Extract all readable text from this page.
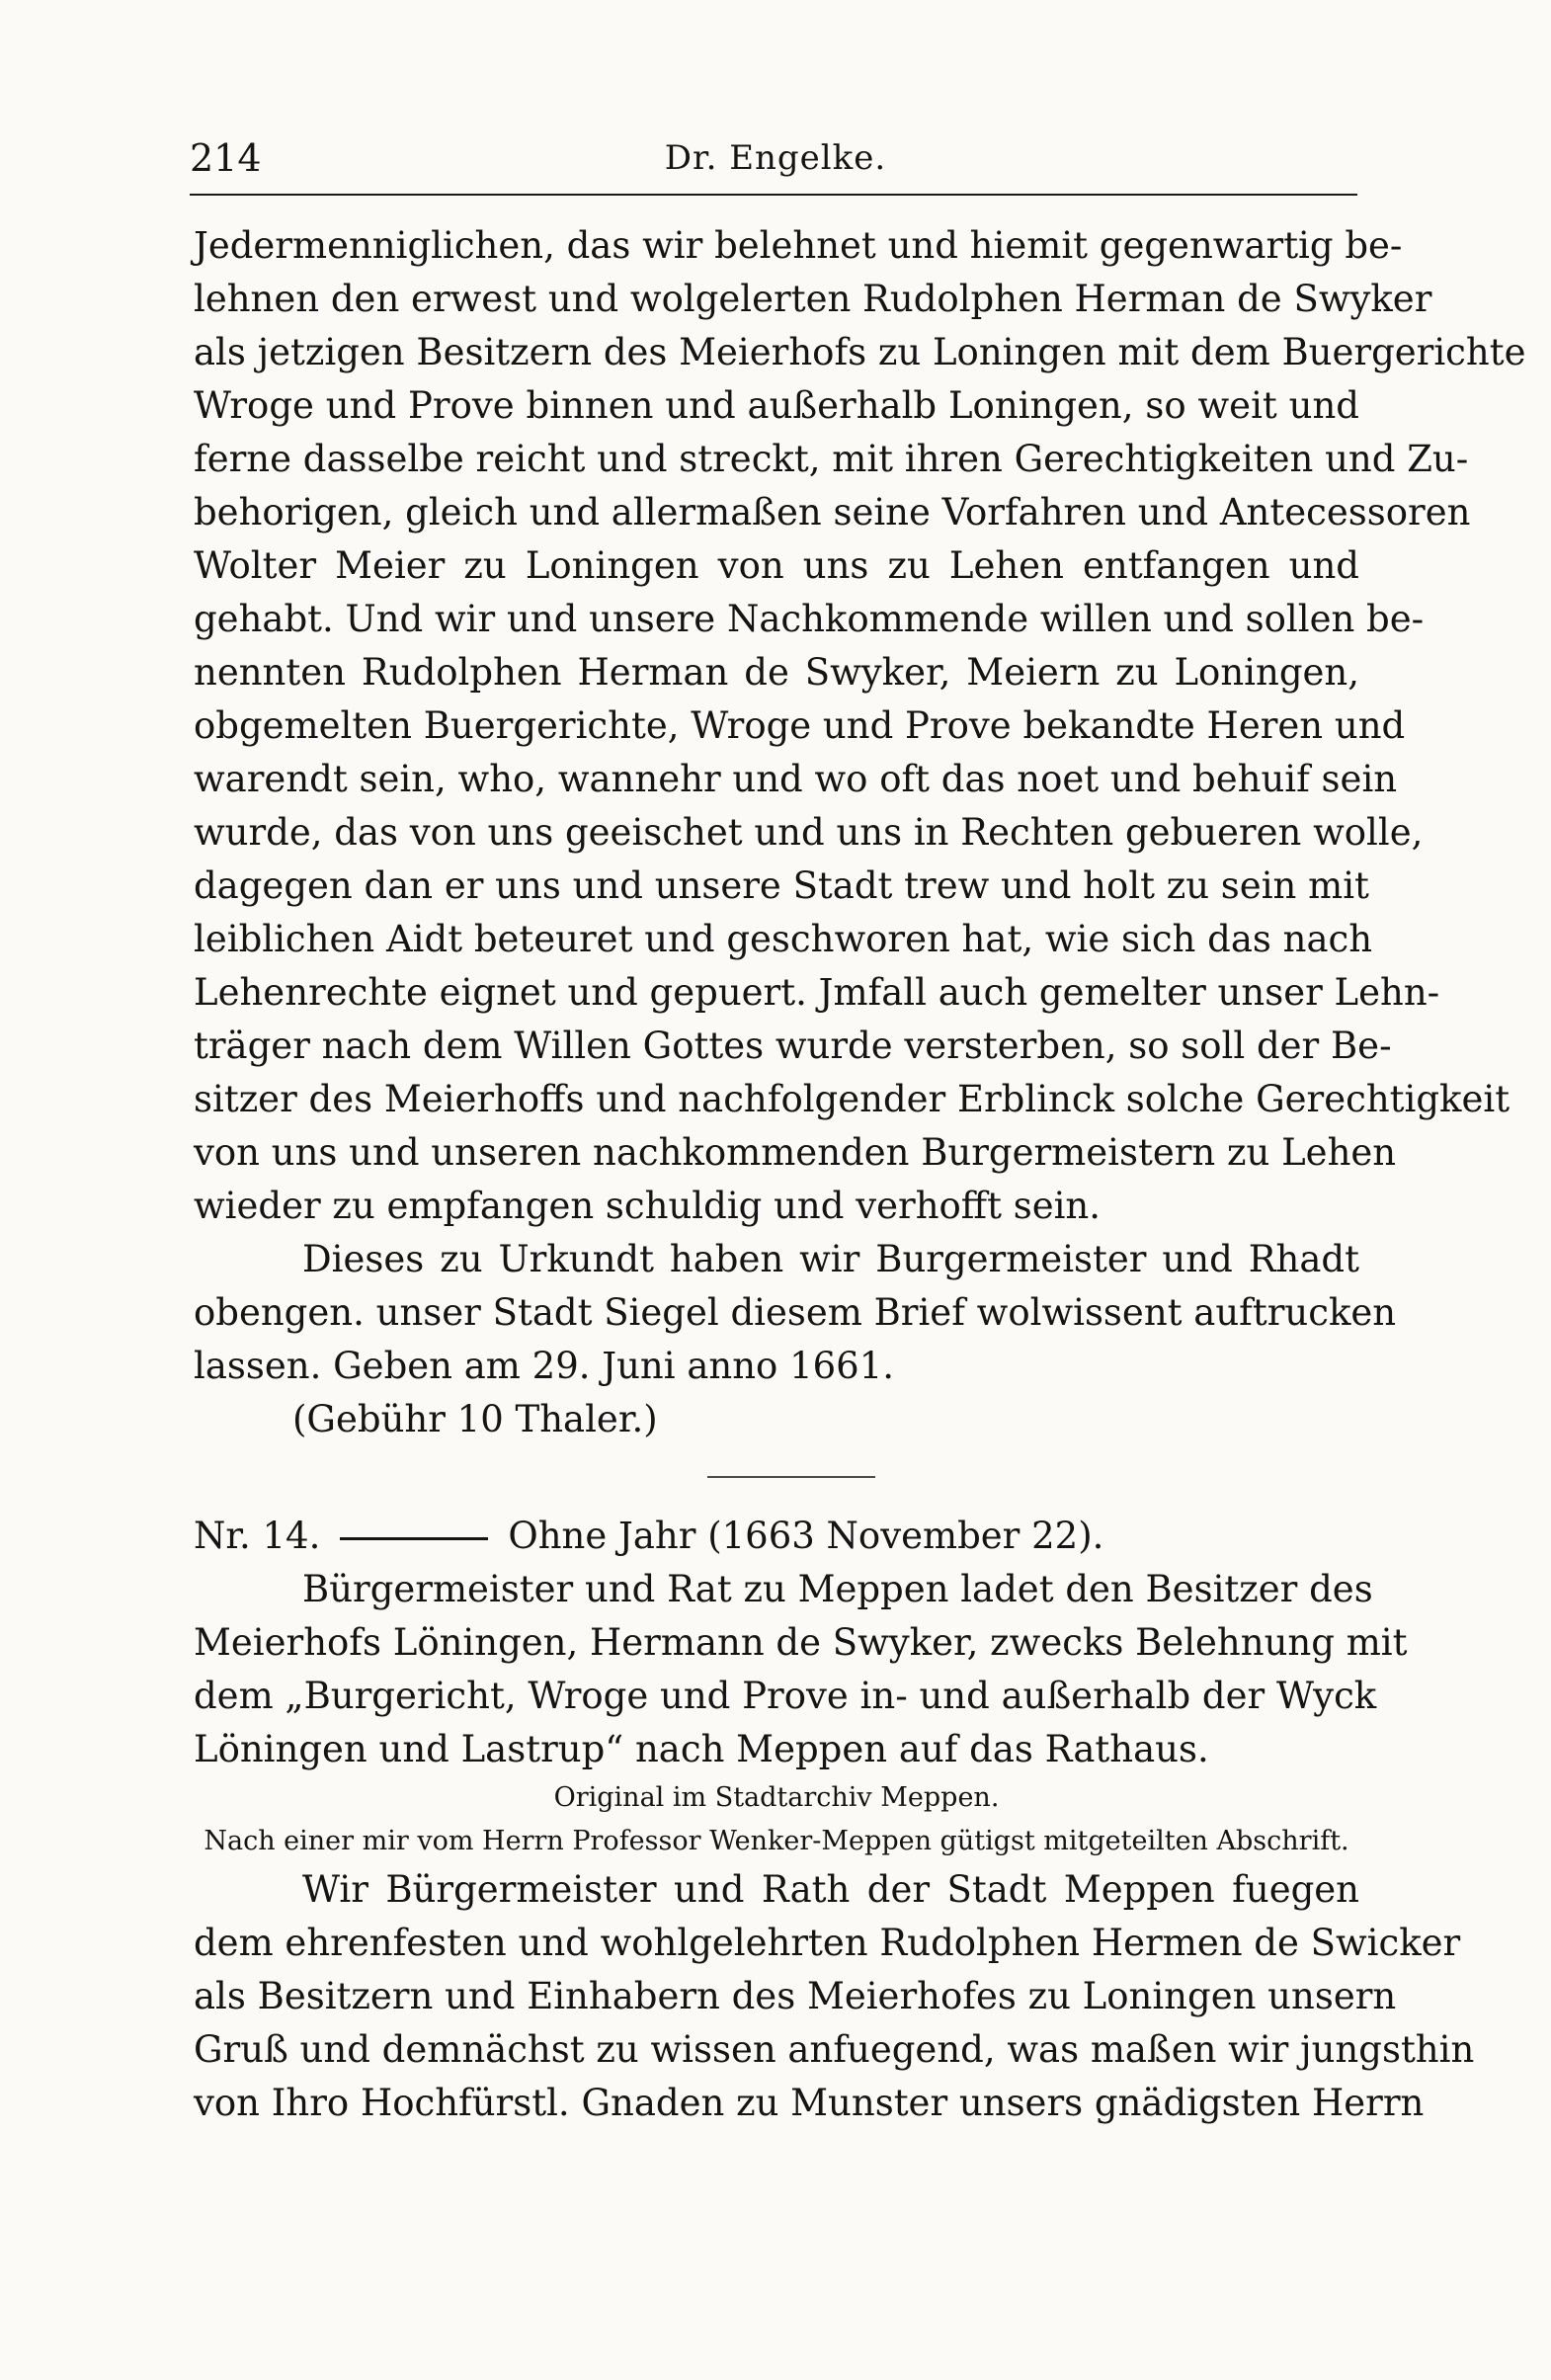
214	Dr. Engelke.
Jedermenniglichen, das wir belehnet und hiemit gegenwartig be-
lehnen den erwest und wolgelerten Rudolphen Herman de Swyker
als jetzigen Besitzern des Meierhofs zu Loningen mit dem Buergerichte
Wroge und Prove binnen und außerhalb Loningen, so weit und
ferne dasselbe reicht und streckt, mit ihren Gerechtigkeiten und Zu-
behorigen, gleich und allermaßen seine Vorfahren und Antecessoren
Wolter Meier zu Loningen von uns zu Lehen entfangen und
gehabt. Und wir und unsere Nachkommende willen und sollen be-
nennten Rudolphen Herman de Swyker, Meiern zu Loningen,
obgemelten Buergerichte, Wroge und Prove bekandte Heren und
warendt sein, who, wannehr und wo oft das noet und behuif sein
wurde, das von uns geeischet und uns in Rechten gebueren wolle,
dagegen dan er uns und unsere Stadt trew und holt zu sein mit
leiblichen Aidt beteuret und geschworen hat, wie sich das nach
Lehenrechte eignet und gepuert. Jmfall auch gemelter unser Lehn-
träger nach dem Willen Gottes wurde versterben, so soll der Be-
sitzer des Meierhoffs und nachfolgender Erblinck solche Gerechtigkeit
von uns und unseren nachkommenden Burgermeistern zu Lehen
wieder zu empfangen schuldig und verhofft sein.
Dieses zu Urkundt haben wir Burgermeister und Rhadt
obengen. unser Stadt Siegel diesem Brief wolwissent auftrucken
lassen. Geben am 29. Juni anno 1661.
(Gebühr 10 Thaler.)
Nr. 14.	Ohne Jahr (1663 November 22).
Bürgermeister und Rat zu Meppen ladet den Besitzer des
Meierhofs Löningen, Hermann de Swyker, zwecks Belehnung mit
dem „Burgericht, Wroge und Prove in- und außerhalb der Wyck
Löningen und Lastrup“ nach Meppen auf das Rathaus.
Original im Stadtarchiv Meppen.
Nach einer mir vom Herrn Professor Wenker-Meppen gütigst mitgeteilten Abschrift.
Wir Bürgermeister und Rath der Stadt Meppen fuegen
dem ehrenfesten und wohlgelehrten Rudolphen Hermen de Swicker
als Besitzern und Einhabern des Meierhofes zu Loningen unsern
Gruß und demnächst zu wissen anfuegend, was maßen wir jungsthin
von Ihro Hochfürstl. Gnaden zu Munster unsers gnädigsten Herrn
